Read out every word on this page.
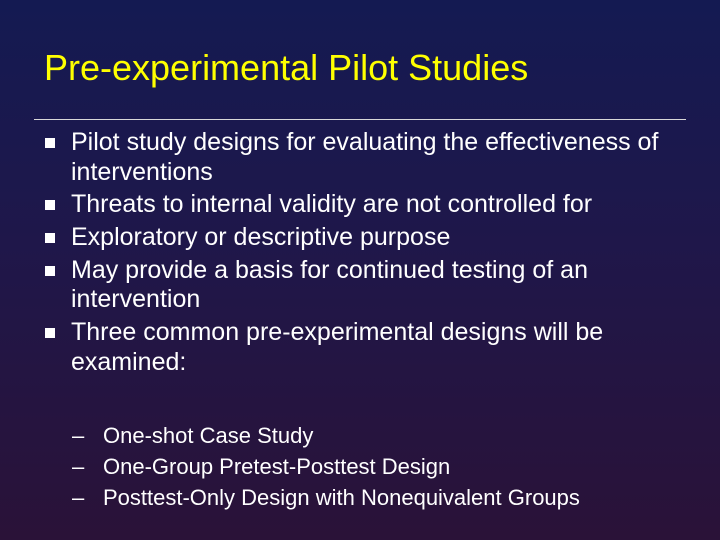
Pre-experimental Pilot Studies
Pilot study designs for evaluating the effectiveness of interventions
Threats to internal validity are not controlled for
Exploratory or descriptive purpose
May provide a basis for continued testing of an intervention
Three common pre-experimental designs will be examined:
– One-shot Case Study
– One-Group Pretest-Posttest Design
– Posttest-Only Design with Nonequivalent Groups
